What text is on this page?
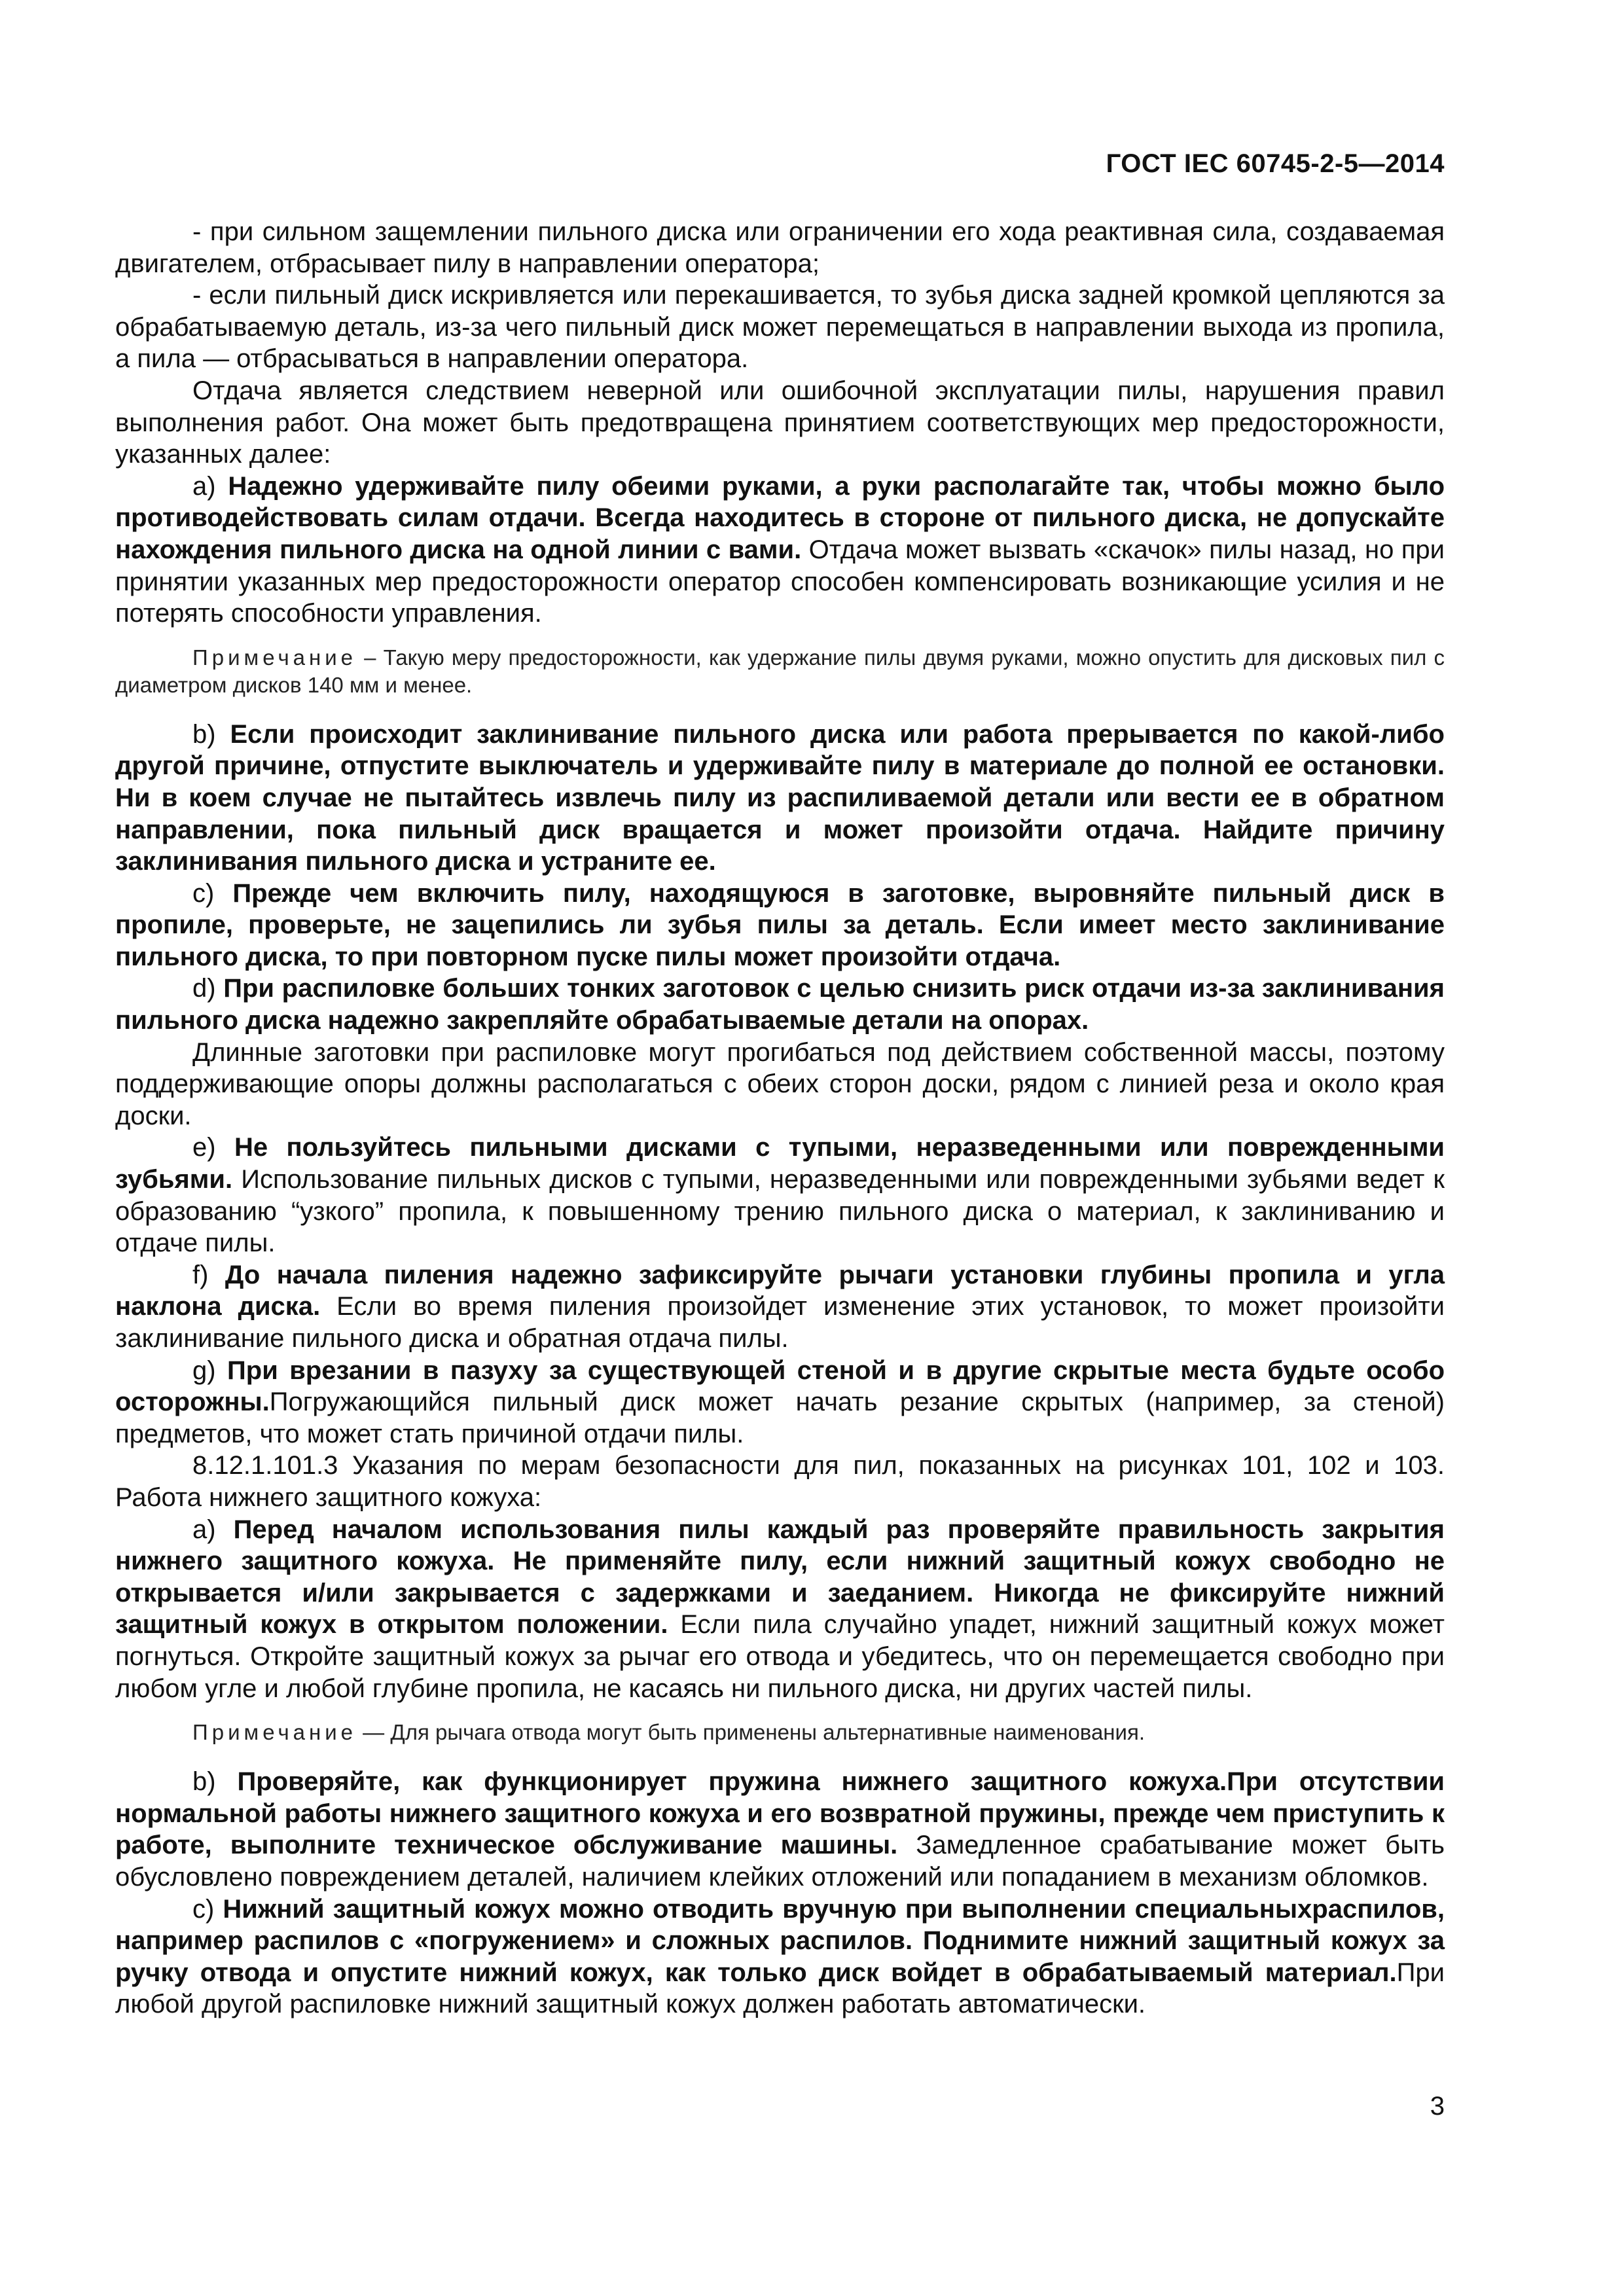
ГОСТ IEC 60745-2-5—2014

- при сильном защемлении пильного диска или ограничении его хода реактивная сила, создаваемая двигателем, отбрасывает пилу в направлении оператора;

- если пильный диск искривляется или перекашивается, то зубья диска задней кромкой цепляются за обрабатываемую деталь, из-за чего пильный диск может перемещаться в направлении выхода из пропила, а пила — отбрасываться в направлении оператора.

Отдача является следствием неверной или ошибочной эксплуатации пилы, нарушения правил выполнения работ. Она может быть предотвращена принятием соответствующих мер предосторожности, указанных далее:

a) Надежно удерживайте пилу обеими руками, а руки располагайте так, чтобы можно было противодействовать силам отдачи. Всегда находитесь в стороне от пильного диска, не допускайте нахождения пильного диска на одной линии с вами. Отдача может вызвать «скачок» пилы назад, но при принятии указанных мер предосторожности оператор способен компенсировать возникающие усилия и не потерять способности управления.

Примечание – Такую меру предосторожности, как удержание пилы двумя руками, можно опустить для дисковых пил с диаметром дисков 140 мм и менее.

b) Если происходит заклинивание пильного диска или работа прерывается по какой-либо другой причине, отпустите выключатель и удерживайте пилу в материале до полной ее остановки. Ни в коем случае не пытайтесь извлечь пилу из распиливаемой детали или вести ее в обратном направлении, пока пильный диск вращается и может произойти отдача. Найдите причину заклинивания пильного диска и устраните ее.

c) Прежде чем включить пилу, находящуюся в заготовке, выровняйте пильный диск в пропиле, проверьте, не зацепились ли зубья пилы за деталь. Если имеет место заклинивание пильного диска, то при повторном пуске пилы может произойти отдача.

d) При распиловке больших тонких заготовок с целью снизить риск отдачи из-за заклинивания пильного диска надежно закрепляйте обрабатываемые детали на опорах.

Длинные заготовки при распиловке могут прогибаться под действием собственной массы, поэтому поддерживающие опоры должны располагаться с обеих сторон доски, рядом с линией реза и около края доски.

e) Не пользуйтесь пильными дисками с тупыми, неразведенными или поврежденными зубьями. Использование пильных дисков с тупыми, неразведенными или поврежденными зубьями ведет к образованию “узкого” пропила, к повышенному трению пильного диска о материал, к заклиниванию и отдаче пилы.

f) До начала пиления надежно зафиксируйте рычаги установки глубины пропила и угла наклона диска. Если во время пиления произойдет изменение этих установок, то может произойти заклинивание пильного диска и обратная отдача пилы.

g) При врезании в пазуху за существующей стеной и в другие скрытые места будьте особо осторожны.Погружающийся пильный диск может начать резание скрытых (например, за стеной) предметов, что может стать причиной отдачи пилы.

8.12.1.101.3 Указания по мерам безопасности для пил, показанных на рисунках 101, 102 и 103. Работа нижнего защитного кожуха:

a) Перед началом использования пилы каждый раз проверяйте правильность закрытия нижнего защитного кожуха. Не применяйте пилу, если нижний защитный кожух свободно не открывается и/или закрывается с задержками и заеданием. Никогда не фиксируйте нижний защитный кожух в открытом положении. Если пила случайно упадет, нижний защитный кожух может погнуться. Откройте защитный кожух за рычаг его отвода и убедитесь, что он перемещается свободно при любом угле и любой глубине пропила, не касаясь ни пильного диска, ни других частей пилы.

Примечание — Для рычага отвода могут быть применены альтернативные наименования.

b) Проверяйте, как функционирует пружина нижнего защитного кожуха.При отсутствии нормальной работы нижнего защитного кожуха и его возвратной пружины, прежде чем приступить к работе, выполните техническое обслуживание машины. Замедленное срабатывание может быть обусловлено повреждением деталей, наличием клейких отложений или попаданием в механизм обломков.

c) Нижний защитный кожух можно отводить вручную при выполнении специальныхраспилов, например распилов с «погружением» и сложных распилов. Поднимите нижний защитный кожух за ручку отвода и опустите нижний кожух, как только диск войдет в обрабатываемый материал.При любой другой распиловке нижний защитный кожух должен работать автоматически.

3
